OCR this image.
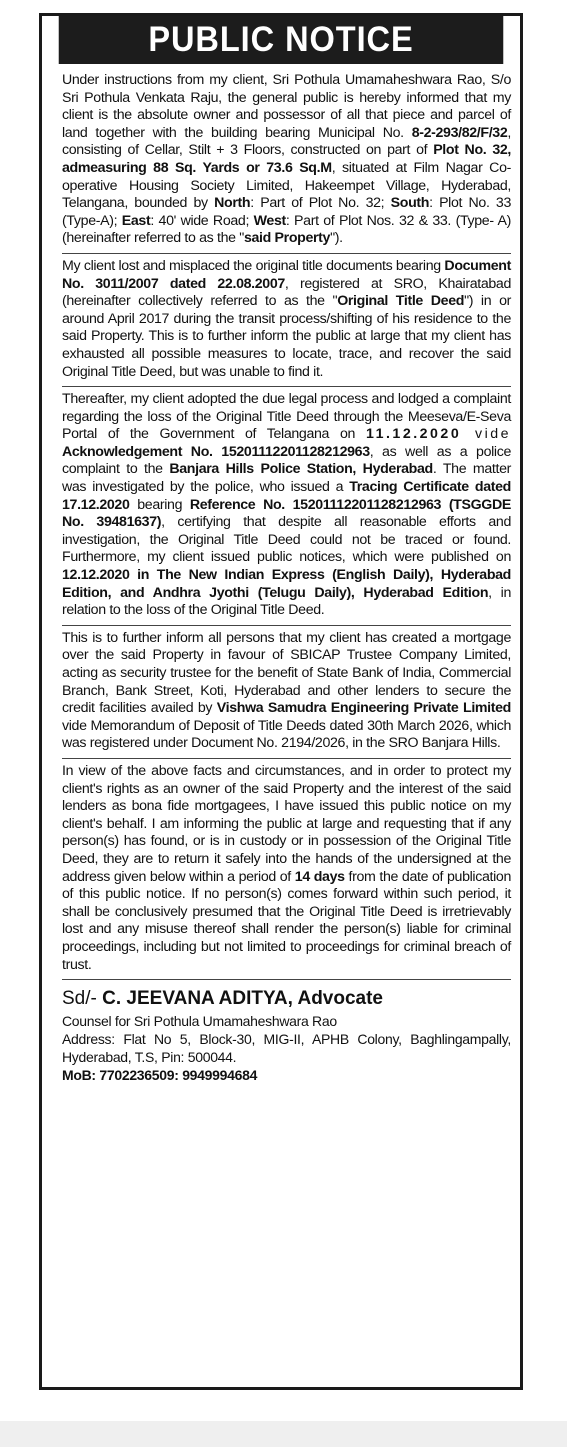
PUBLIC NOTICE

Under instructions from my client, Sri Pothula Umamaheshwara Rao, S/o Sri Pothula Venkata Raju, the general public is hereby informed that my client is the absolute owner and possessor of all that piece and parcel of land together with the building bearing Municipal No. 8-2-293/82/F/32, consisting of Cellar, Stilt + 3 Floors, constructed on part of Plot No. 32, admeasuring 88 Sq. Yards or 73.6 Sq.M, situated at Film Nagar Co-operative Housing Society Limited, Hakeempet Village, Hyderabad, Telangana, bounded by North: Part of Plot No. 32; South: Plot No. 33 (Type-A); East: 40' wide Road; West: Part of Plot Nos. 32 & 33. (Type- A) (hereinafter referred to as the "said Property").

My client lost and misplaced the original title documents bearing Document No. 3011/2007 dated 22.08.2007, registered at SRO, Khairatabad (hereinafter collectively referred to as the "Original Title Deed") in or around April 2017 during the transit process/shifting of his residence to the said Property. This is to further inform the public at large that my client has exhausted all possible measures to locate, trace, and recover the said Original Title Deed, but was unable to find it.

Thereafter, my client adopted the due legal process and lodged a complaint regarding the loss of the Original Title Deed through the Meeseva/E-Seva Portal of the Government of Telangana on 11.12.2020 vide Acknowledgement No. 15201112201128212963, as well as a police complaint to the Banjara Hills Police Station, Hyderabad. The matter was investigated by the police, who issued a Tracing Certificate dated 17.12.2020 bearing Reference No. 15201112201128212963 (TSGGDE No. 39481637), certifying that despite all reasonable efforts and investigation, the Original Title Deed could not be traced or found. Furthermore, my client issued public notices, which were published on 12.12.2020 in The New Indian Express (English Daily), Hyderabad Edition, and Andhra Jyothi (Telugu Daily), Hyderabad Edition, in relation to the loss of the Original Title Deed.

This is to further inform all persons that my client has created a mortgage over the said Property in favour of SBICAP Trustee Company Limited, acting as security trustee for the benefit of State Bank of India, Commercial Branch, Bank Street, Koti, Hyderabad and other lenders to secure the credit facilities availed by Vishwa Samudra Engineering Private Limited vide Memorandum of Deposit of Title Deeds dated 30th March 2026, which was registered under Document No. 2194/2026, in the SRO Banjara Hills.

In view of the above facts and circumstances, and in order to protect my client's rights as an owner of the said Property and the interest of the said lenders as bona fide mortgagees, I have issued this public notice on my client's behalf. I am informing the public at large and requesting that if any person(s) has found, or is in custody or in possession of the Original Title Deed, they are to return it safely into the hands of the undersigned at the address given below within a period of 14 days from the date of publication of this public notice. If no person(s) comes forward within such period, it shall be conclusively presumed that the Original Title Deed is irretrievably lost and any misuse thereof shall render the person(s) liable for criminal proceedings, including but not limited to proceedings for criminal breach of trust.

Sd/- C. JEEVANA ADITYA, Advocate
Counsel for Sri Pothula Umamaheshwara Rao
Address: Flat No 5, Block-30, MIG-II, APHB Colony, Baghlingampally, Hyderabad, T.S, Pin: 500044.
MoB: 7702236509: 9949994684
